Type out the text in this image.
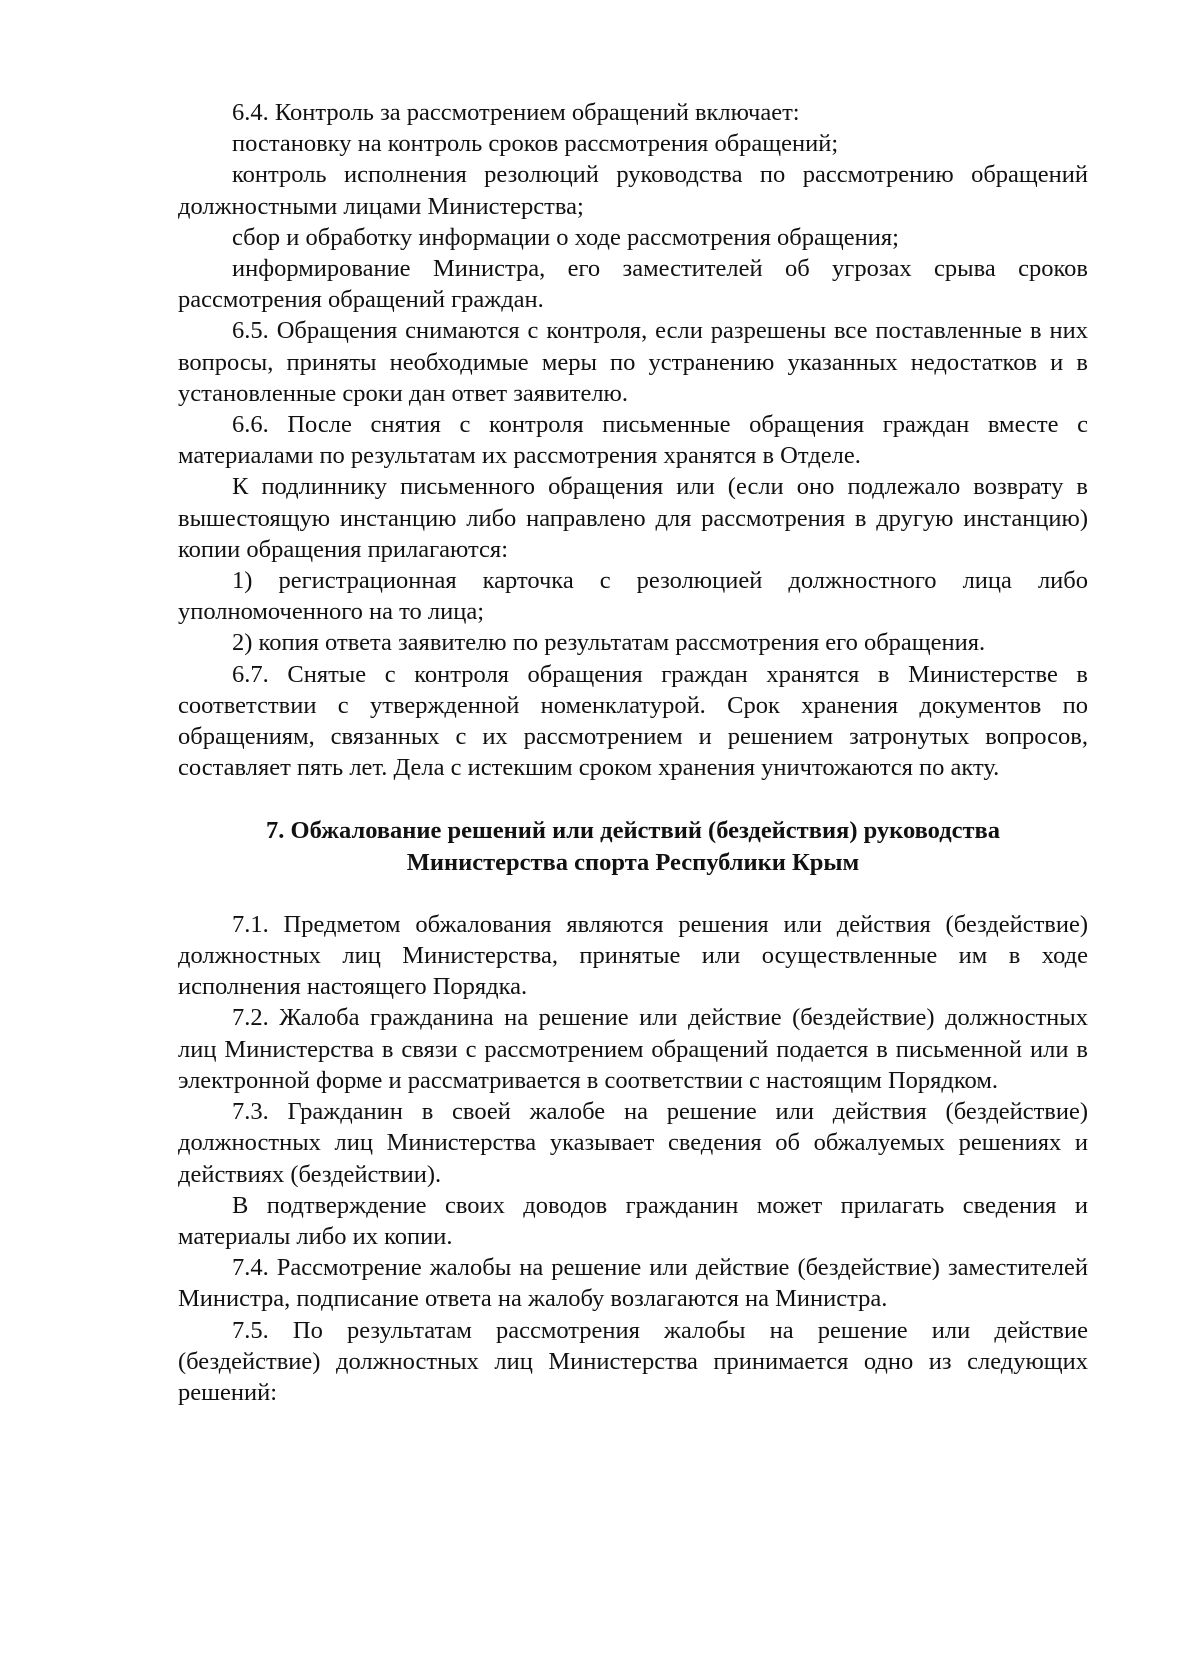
6.4. Контроль за рассмотрением обращений включает:

постановку на контроль сроков рассмотрения обращений;

контроль исполнения резолюций руководства по рассмотрению обращений должностными лицами Министерства;

сбор и обработку информации о ходе рассмотрения обращения;

информирование Министра, его заместителей об угрозах срыва сроков рассмотрения обращений граждан.

6.5. Обращения снимаются с контроля, если разрешены все поставленные в них вопросы, приняты необходимые меры по устранению указанных недостатков и в установленные сроки дан ответ заявителю.

6.6. После снятия с контроля письменные обращения граждан вместе с материалами по результатам их рассмотрения хранятся в Отделе.

К подлиннику письменного обращения или (если оно подлежало возврату в вышестоящую инстанцию либо направлено для рассмотрения в другую инстанцию) копии обращения прилагаются:

1) регистрационная карточка с резолюцией должностного лица либо уполномоченного на то лица;

2) копия ответа заявителю по результатам рассмотрения его обращения.

6.7. Снятые с контроля обращения граждан хранятся в Министерстве в соответствии с утвержденной номенклатурой. Срок хранения документов по обращениям, связанных с их рассмотрением и решением затронутых вопросов, составляет пять лет. Дела с истекшим сроком хранения уничтожаются по акту.

7. Обжалование решений или действий (бездействия) руководства
Министерства спорта Республики Крым

7.1. Предметом обжалования являются решения или действия (бездействие) должностных лиц Министерства, принятые или осуществленные им в ходе исполнения настоящего Порядка.

7.2. Жалоба гражданина на решение или действие (бездействие) должностных лиц Министерства в связи с рассмотрением обращений подается в письменной или в электронной форме и рассматривается в соответствии с настоящим Порядком.

7.3. Гражданин в своей жалобе на решение или действия (бездействие) должностных лиц Министерства указывает сведения об обжалуемых решениях и действиях (бездействии).

В подтверждение своих доводов гражданин может прилагать сведения и материалы либо их копии.

7.4. Рассмотрение жалобы на решение или действие (бездействие) заместителей Министра, подписание ответа на жалобу возлагаются на Министра.

7.5. По результатам рассмотрения жалобы на решение или действие (бездействие) должностных лиц Министерства принимается одно из следующих решений:
